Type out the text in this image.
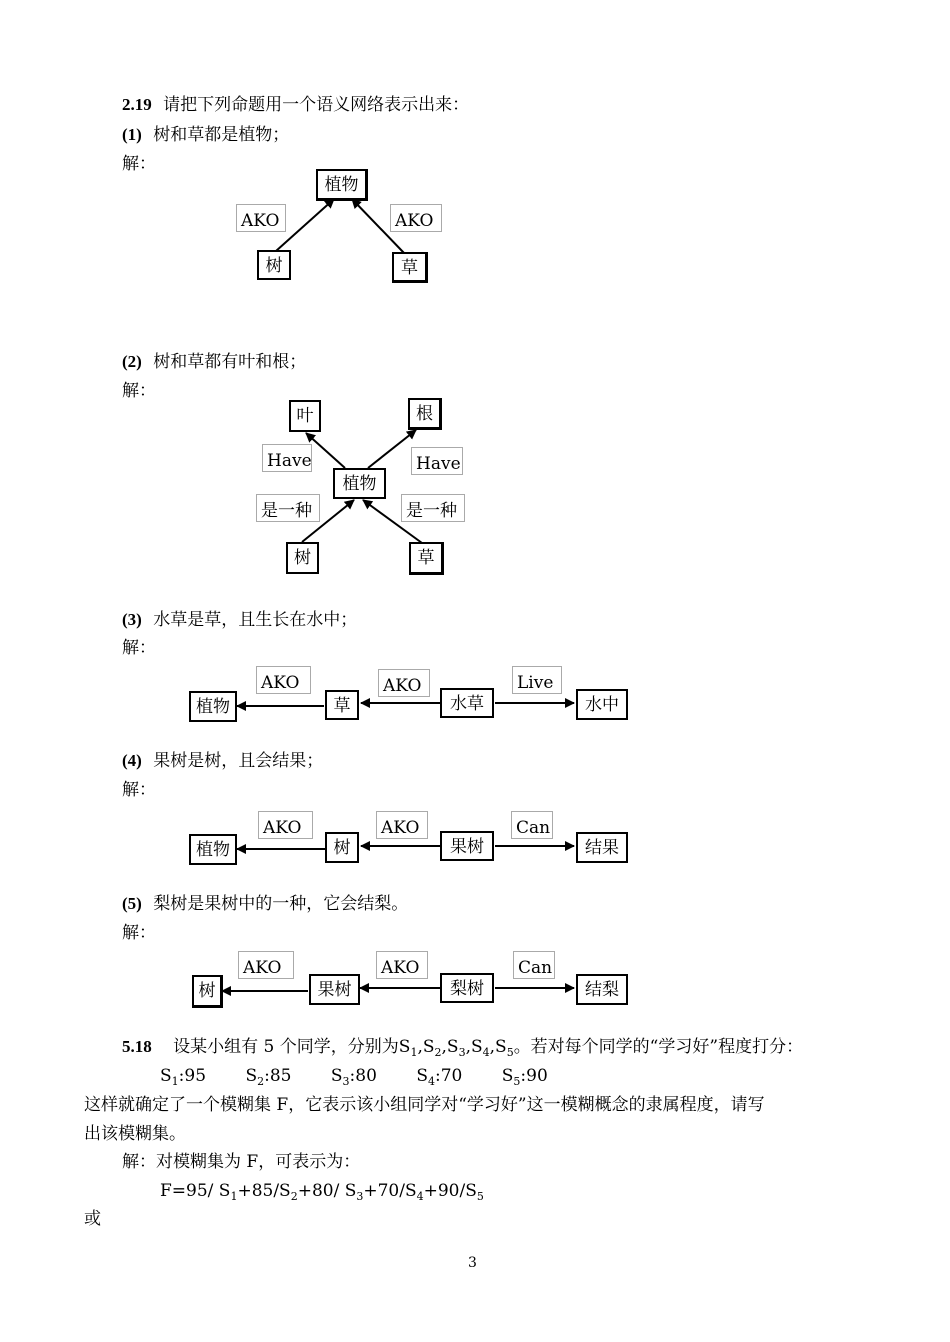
2.19 请把下列命题用一个语义网络表示出来：
(1) 树和草都是植物；
解：
植物
树	草
AKO	AKO
(2) 树和草都有叶和根；
解：
叶	根
植物
树	草
Have	Have
是一种	是一种
(3) 水草是草，且生长在水中；
解：
植物	草	水草	水中
AKO	AKO	Live
(4) 果树是树，且会结果；
解：
植物	树	果树	结果
AKO	AKO	Can
(5) 梨树是果树中的一种，它会结梨。
解：
树	果树	梨树	结梨
AKO	AKO	Can
5.18 设某小组有 5 个同学，分别为$S_1,S_2,S_3,S_4,S_5$。若对每个同学的“学习好”程度打分：
$S_1:95$ $S_2:85$ $S_3:80$ $S_4:70$ $S_5:90$
这样就确定了一个模糊集 F，它表示该小组同学对“学习好”这一模糊概念的隶属程度，请写
出该模糊集。
解：对模糊集为 F，可表示为：
F=95/ $S_1+85/S_2+80/$ $S_3+70/S_4+90/S_5$
或
3
